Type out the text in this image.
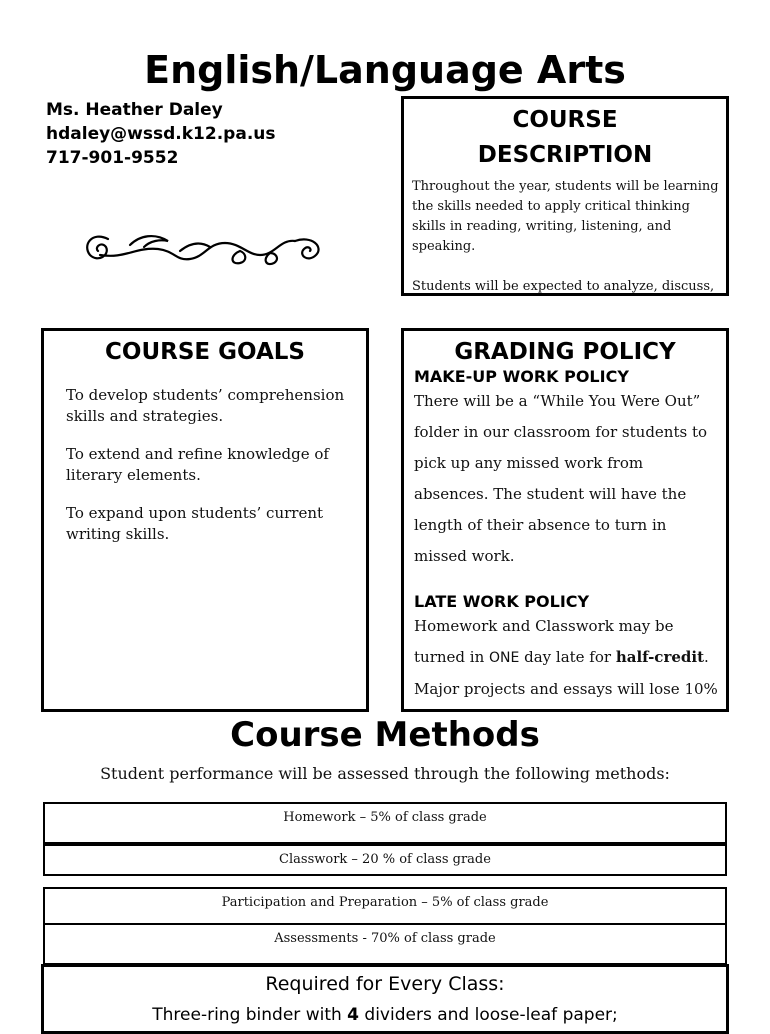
English/Language Arts
Ms. Heather Daley
hdaley@wssd.k12.pa.us
717-901-9552
COURSE
DESCRIPTION

Throughout the year, students will be learning the skills needed to apply critical thinking skills in reading, writing, listening, and speaking.

Students will be expected to analyze, discuss,

COURSE GOALS

To develop students’ comprehension skills and strategies.

To extend and refine knowledge of literary elements.

To expand upon students’ current writing skills.

GRADING POLICY
MAKE-UP WORK POLICY
There will be a “While You Were Out” folder in our classroom for students to pick up any missed work from absences. The student will have the length of their absence to turn in missed work.
LATE WORK POLICY
Homework and Classwork may be turned in ONE day late for half-credit. Major projects and essays will lose 10%
Course Methods
Student performance will be assessed through the following methods:
Homework – 5% of class grade
Classwork – 20 % of class grade
Participation and Preparation – 5% of class grade
Assessments - 70% of class grade
Required for Every Class:
Three-ring binder with 4 dividers and loose-leaf paper;
